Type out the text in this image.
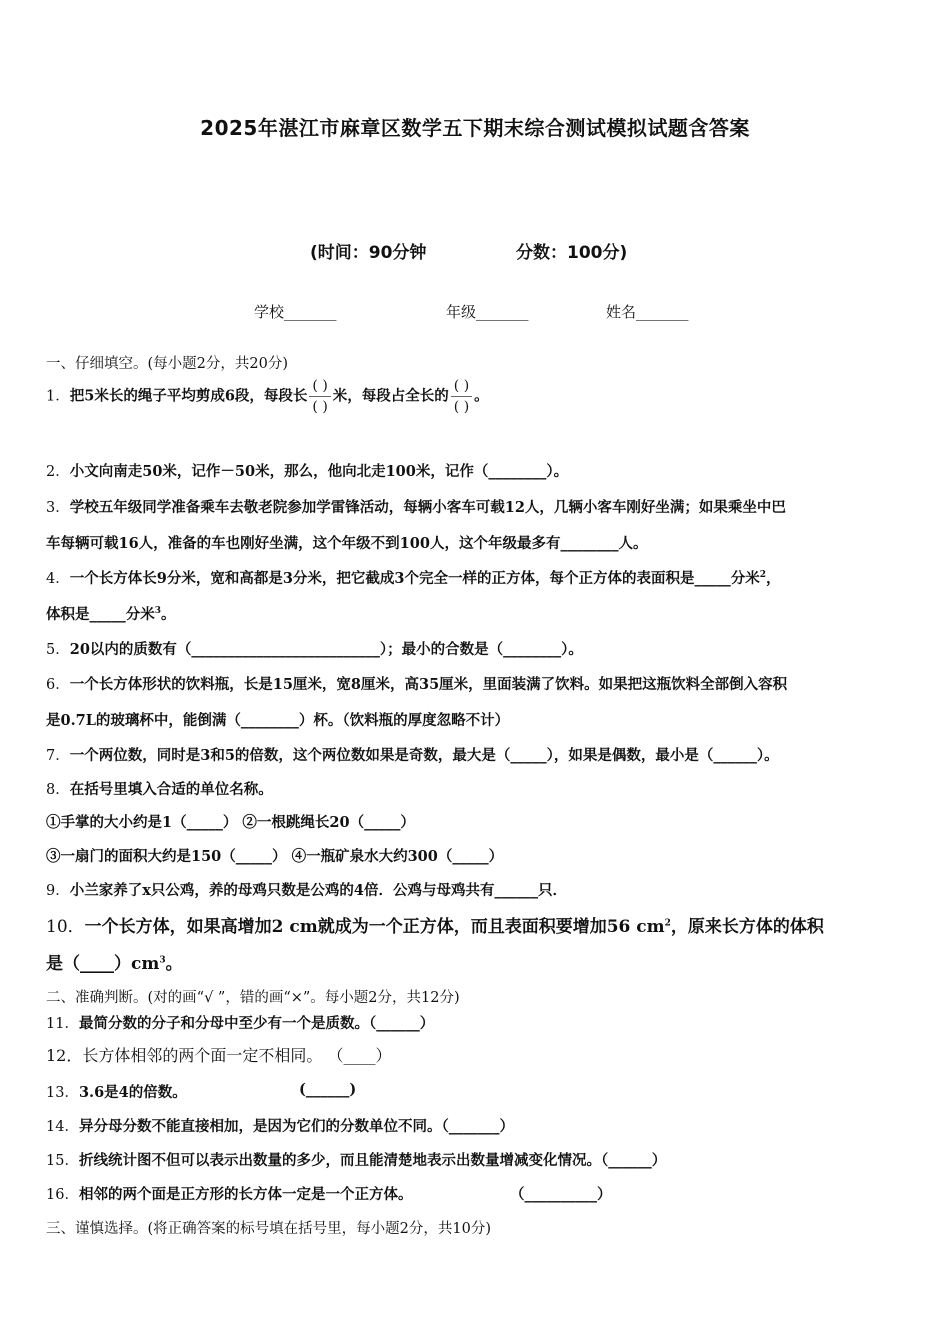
2025年湛江市麻章区数学五下期末综合测试模拟试题含答案
(时间：90分钟	分数：100分)
学校_______	年级_______	姓名_______
一、仔细填空。(每小题2分，共20分)
1．把5米长的绳子平均剪成6段，每段长 $\frac{( )}{( )}$ 米，每段占全长的 $\frac{( )}{( )}$ 。
2．小文向南走50米，记作－50米，那么，他向北走100米，记作（________）。
3．学校五年级同学准备乘车去敬老院参加学雷锋活动，每辆小客车可载12人，几辆小客车刚好坐满；如果乘坐中巴
车每辆可载16人，准备的车也刚好坐满，这个年级不到100人，这个年级最多有________人。
4．一个长方体长9分米，宽和高都是3分米，把它截成3个完全一样的正方体，每个正方体的表面积是_____分米$^2$，
体积是_____分米$^3$。
5．20以内的质数有（__________________________）；最小的合数是（________）。
6．一个长方体形状的饮料瓶，长是15厘米，宽8厘米，高35厘米，里面装满了饮料。如果把这瓶饮料全部倒入容积
是0.7L的玻璃杯中，能倒满（________）杯。（饮料瓶的厚度忽略不计）
7．一个两位数，同时是3和5的倍数，这个两位数如果是奇数，最大是（_____），如果是偶数，最小是（______）。
8．在括号里填入合适的单位名称。
①手掌的大小约是1（_____） ②一根跳绳长20（_____）
③一扇门的面积大约是150（_____） ④一瓶矿泉水大约300（_____）
9．小兰家养了x只公鸡，养的母鸡只数是公鸡的4倍．公鸡与母鸡共有______只．
10．一个长方体，如果高增加2 cm就成为一个正方体，而且表面积要增加56 $cm^2$，原来长方体的体积
是$(\_\_\_\_)cm^3$。
二、准确判断。(对的画“√ ”，错的画“×”。每小题2分，共12分)
11．最简分数的分子和分母中至少有一个是质数。（______）
12．长方体相邻的两个面一定不相同。 （____）
13．3.6是4的倍数。	(______)
14．异分母分数不能直接相加，是因为它们的分数单位不同。（_______）
15．折线统计图不但可以表示出数量的多少，而且能清楚地表示出数量增减变化情况。（______）
16．相邻的两个面是正方形的长方体一定是一个正方体。	（__________）
三、谨慎选择。(将正确答案的标号填在括号里，每小题2分，共10分)
